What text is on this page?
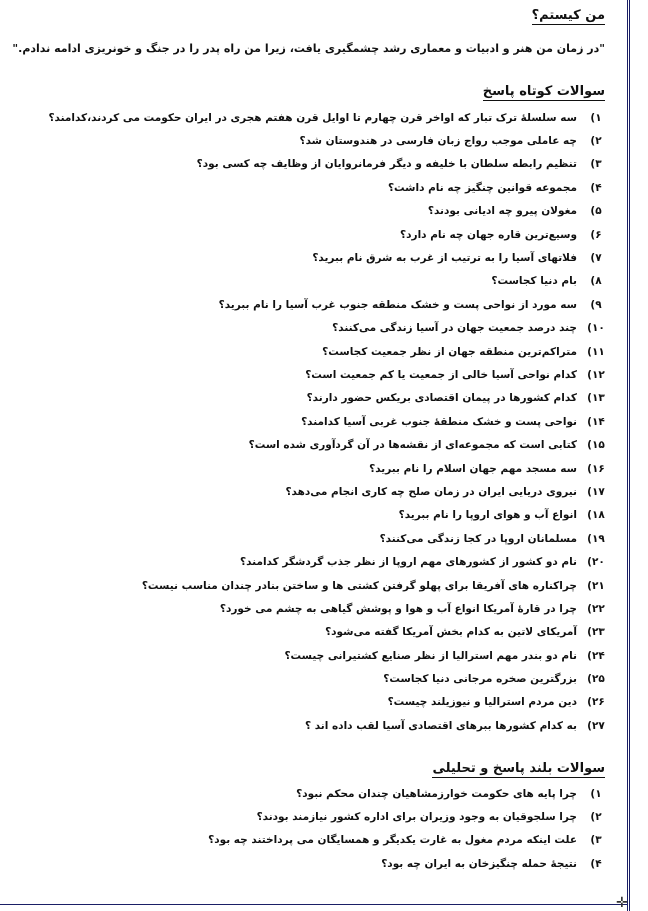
من کیستم؟
"در زمان من هنر و ادبیات و معماری رشد چشمگیری یافت، زیرا من راه پدر را در جنگ و خونریزی ادامه ندادم."
سوالات کوتاه پاسخ
۱)
سه سلسلهٔ ترک تبار که اواخر قرن چهارم تا اوایل قرن هفتم هجری در ایران حکومت می کردند،کدامند؟
۲)
چه عاملی موجب رواج زبان فارسی در هندوستان شد؟
۳)
تنظیم رابطه سلطان با خلیفه و دیگر فرمانروایان از وظایف چه کسی بود؟
۴)
مجموعه قوانین چنگیز چه نام داشت؟
۵)
مغولان پیرو چه ادیانی بودند؟
۶)
وسیع‌ترین قاره جهان چه نام دارد؟
۷)
فلاتهای آسیا را به ترتیب از غرب به شرق نام ببرید؟
۸)
بام دنیا کجاست؟
۹)
سه مورد از نواحی پست و خشک منطقه جنوب غرب آسیا را نام ببرید؟
۱۰)
چند درصد جمعیت جهان در آسیا زندگی می‌کنند؟
۱۱)
متراکم‌ترین منطقه جهان از نظر جمعیت کجاست؟
۱۲)
کدام نواحی آسیا خالی از جمعیت یا کم جمعیت است؟
۱۳)
کدام کشورها در پیمان اقتصادی بریکس حضور دارند؟
۱۴)
نواحی پست و خشک منطقهٔ جنوب غربی آسیا کدامند؟
۱۵)
کتابی است که مجموعه‌ای از نقشه‌ها در آن گردآوری شده است؟
۱۶)
سه مسجد مهم جهان اسلام را نام ببرید؟
۱۷)
نیروی دریایی ایران در زمان صلح چه کاری انجام می‌دهد؟
۱۸)
انواع آب و هوای اروپا را نام ببرید؟
۱۹)
مسلمانان اروپا در کجا زندگی می‌کنند؟
۲۰)
نام دو کشور از کشورهای مهم اروپا از نظر جذب گردشگر کدامند؟
۲۱)
چراکناره های آفریقا برای پهلو گرفتن کشتی ها و ساختن بنادر چندان مناسب نیست؟
۲۲)
چرا در قارهٔ آمریکا انواع آب و هوا و پوشش گیاهی به چشم می خورد؟
۲۳)
آمریکای لاتین به کدام بخش آمریکا گفته می‌شود؟
۲۴)
نام دو بندر مهم استرالیا از نظر صنایع کشتیرانی چیست؟
۲۵)
بزرگترین صخره مرجانی دنیا کجاست؟
۲۶)
دین مردم استرالیا و نیوزیلند چیست؟
۲۷)
به کدام کشورها ببرهای اقتصادی آسیا لقب داده اند ؟
سوالات بلند پاسخ و تحلیلی
۱)
چرا پایه های حکومت خوارزمشاهیان چندان محکم نبود؟
۲)
چرا سلجوقیان به وجود وزیران برای اداره کشور نیازمند بودند؟
۳)
علت اینکه مردم مغول به غارت یکدیگر و همسایگان می پرداختند چه بود؟
۴)
نتیجهٔ حمله چنگیزخان به ایران چه بود؟
✛
